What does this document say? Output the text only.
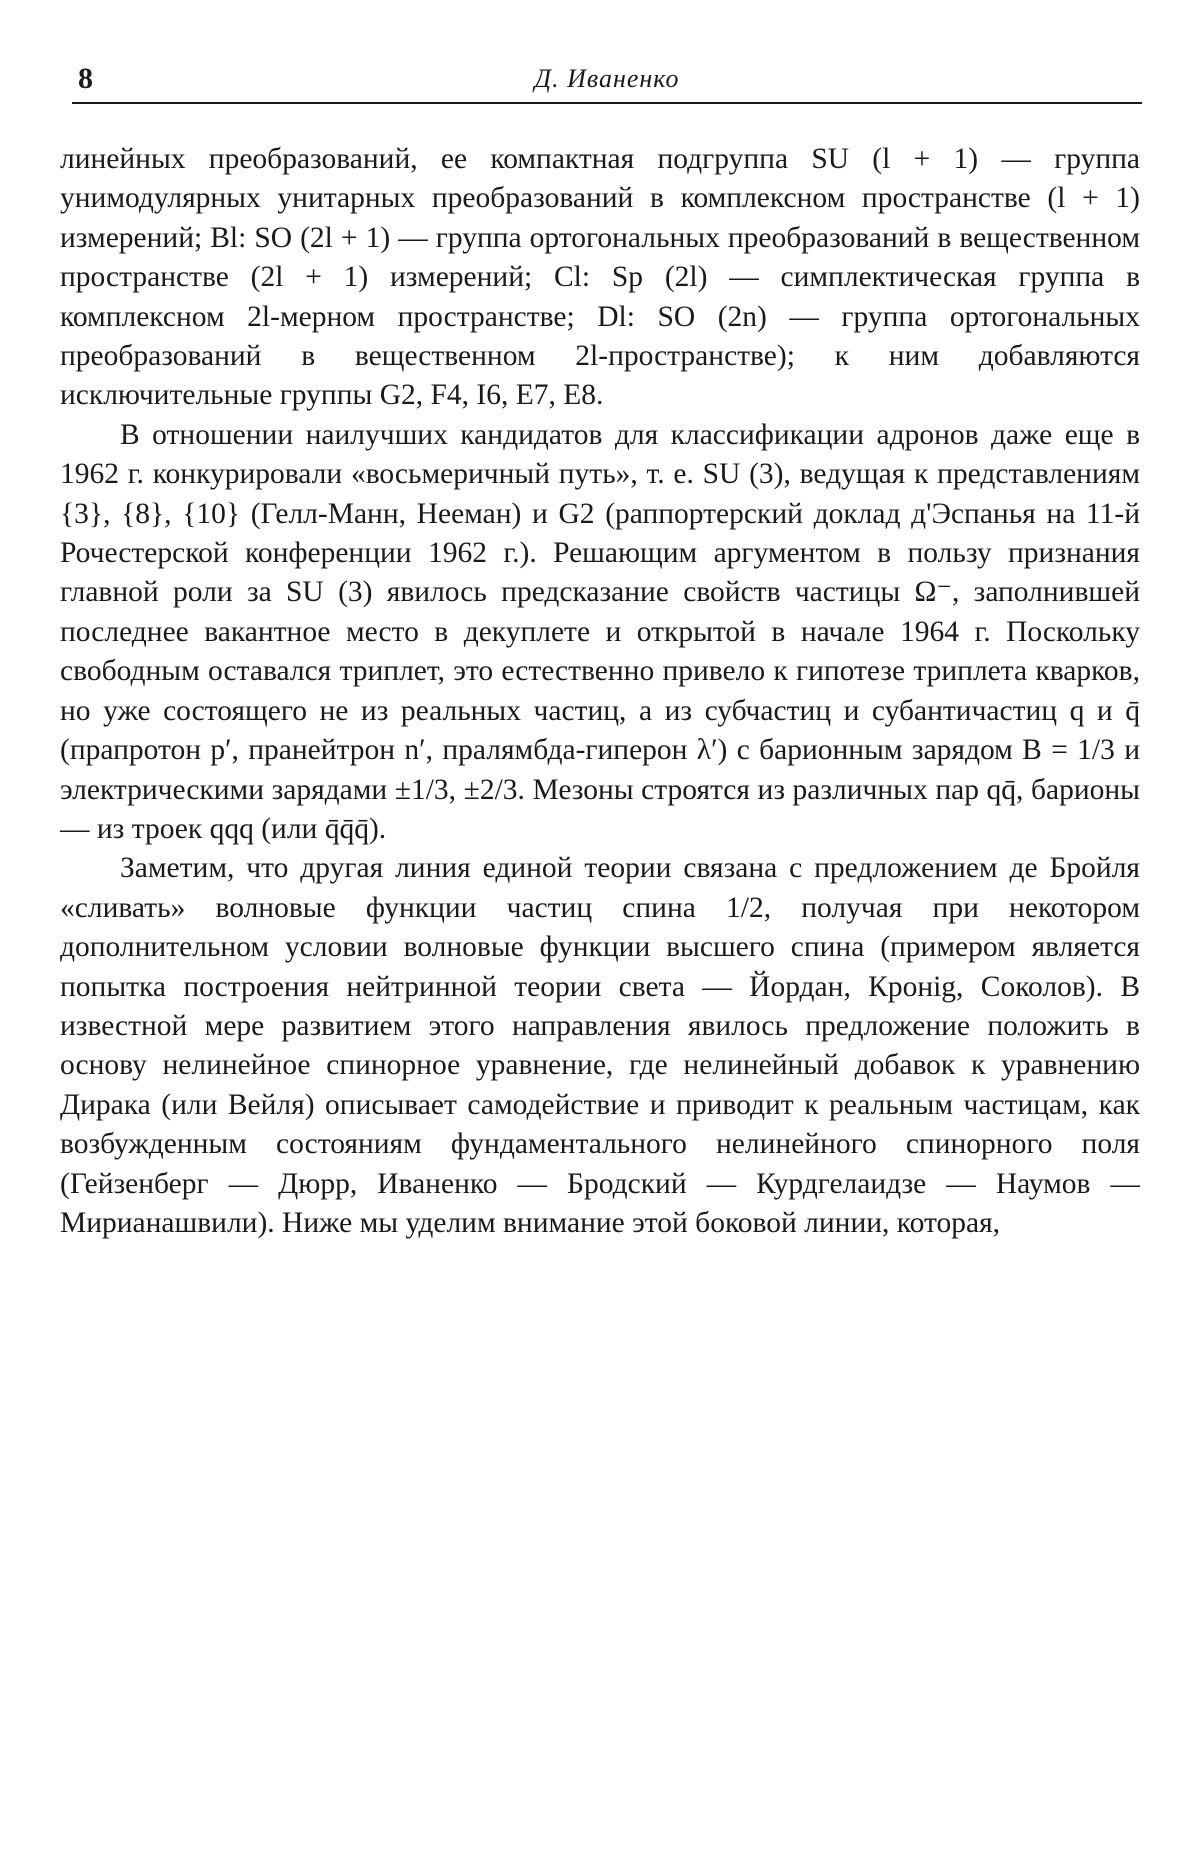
8	Д. Иваненко

линейных преобразований, ее компактная подгруппа SU (l + 1) — группа унимодулярных унитарных преобразований в комплексном пространстве (l + 1) измерений; Bl: SO (2l + 1) — группа ортогональных преобразований в вещественном пространстве (2l + 1) измерений; Cl: Sp (2l) — симплектическая группа в комплексном 2l-мерном пространстве; Dl: SO (2n) — группа ортогональных преобразований в вещественном 2l-пространстве); к ним добавляются исключительные группы G2, F4, I6, E7, E8.

В отношении наилучших кандидатов для классификации адронов даже еще в 1962 г. конкурировали «восьмеричный путь», т. е. SU (3), ведущая к представлениям {3}, {8}, {10} (Гелл-Манн, Нееман) и G2 (раппортерский доклад д'Эспанья на 11-й Рочестерской конференции 1962 г.). Решающим аргументом в пользу признания главной роли за SU (3) явилось предсказание свойств частицы Ω⁻, заполнившей последнее вакантное место в декуплете и открытой в начале 1964 г. Поскольку свободным оставался триплет, это естественно привело к гипотезе триплета кварков, но уже состоящего не из реальных частиц, а из субчастиц и субантичастиц q и q̄ (прапротон p′, пранейтрон n′, пралямбда-гиперон λ′) с барионным зарядом B = 1/3 и электрическими зарядами ±1/3, ±2/3. Мезоны строятся из различных пар qq̄, барионы — из троек qqq (или q̄q̄q̄).

Заметим, что другая линия единой теории связана с предложением де Бройля «сливать» волновые функции частиц спина 1/2, получая при некотором дополнительном условии волновые функции высшего спина (примером является попытка построения нейтринной теории света — Йордан, Кронig, Соколов). В известной мере развитием этого направления явилось предложение положить в основу нелинейное спинорное уравнение, где нелинейный добавок к уравнению Дирака (или Вейля) описывает самодействие и приводит к реальным частицам, как возбужденным состояниям фундаментального нелинейного спинорного поля (Гейзенберг — Дюрр, Иваненко — Бродский — Курдгелаидзе — Наумов — Мирианашвили). Ниже мы уделим внимание этой боковой линии, которая,
